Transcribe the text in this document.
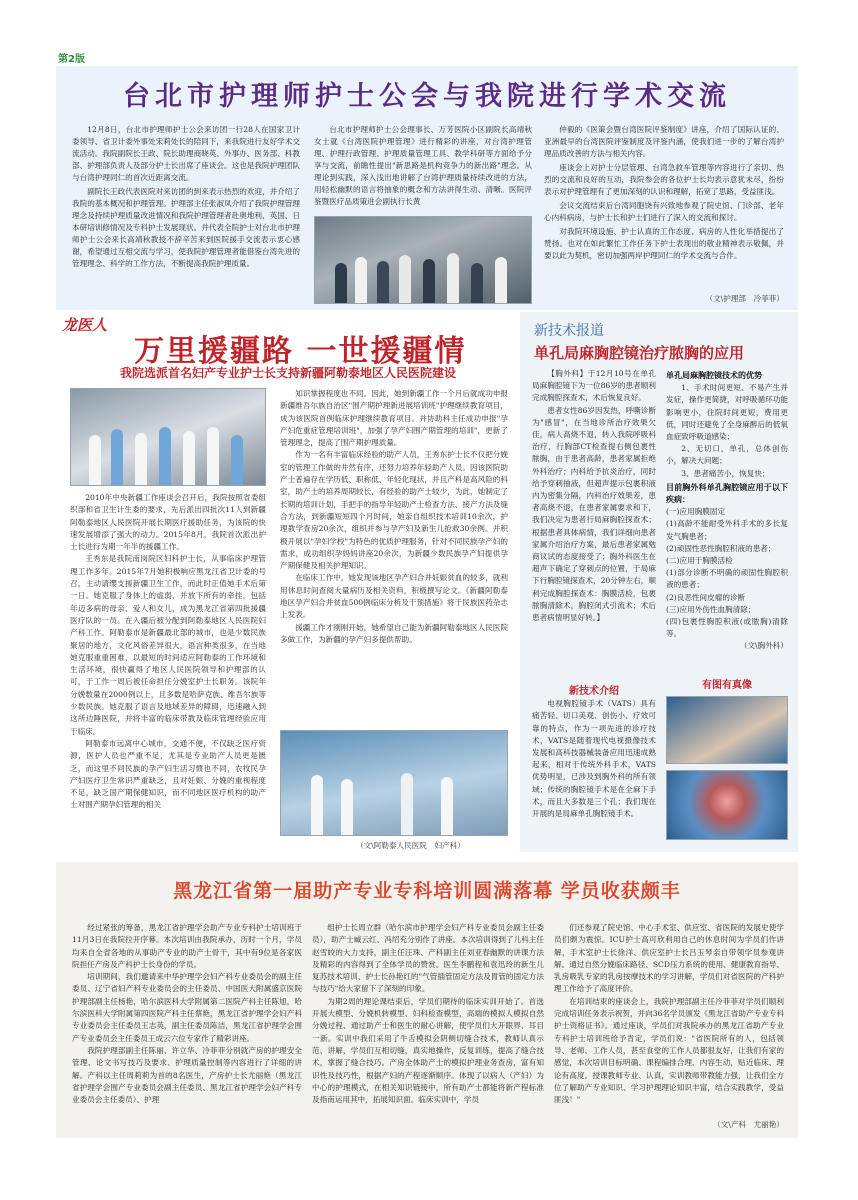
第2版
台北市护理师护士公会与我院进行学术交流

12月8日，台北市护理师护士公会来访团一行28人在国家卫计委领导、省卫计委外事处宋莉处长的陪同下，来我院进行友好学术交流活动。我院副院长王政、院长助理商晓英、外事办、医务部、科教部、护理部负责人及部分护士长出席了座谈会。这也是我院护理团队与台湾护理同仁的首次近距离交流。

副院长王政代表医院对来访团的到来表示热烈的欢迎，并介绍了我院的基本概况和护理管理。护理部主任张淑凤介绍了我院护理管理理念及持续护理质量改进情况和我院护理管理者赴奥地利、英国、日本研培训修情况及专科护士发展现状。并代表全院护士对台北市护理师护士公会来长高靖秋教授不辞辛苦来到医院援手交流表示衷心感谢，希望通过互相交流与学习，使我院护理管理者能借鉴台湾先进的管理理念、科学的工作方法，不断提高我院护理质量。

台北市护理师护士公会理事长、万芳医院小区副院长高靖秋女士就《台湾医院护理管理》进行精彩的讲座，对台湾护理管理、护理行政管理、护理质量管理工具、教学科研等方面给予分享与交流，前瞻性提出"新思路是机构竞争力的新出路"理念。从理论到实践，深入浅出地讲解了台湾护理质量持续改进的方法，用轻松幽默的语言将抽象的概念和方法讲得生动、清晰。医院评鉴暨医疗品质策进会副执行长黄

仲毅的《医策会暨台湾医院评鉴制度》讲座，介绍了国际认证的、亚洲最早的台湾医院评鉴制度及评鉴内涵，使我们进一步的了解台湾护理品质改善的方法与相关内容。

座谈会上对护士分层管理、台湾急救车管理等内容进行了亲切、热烈的交流和良好的互动，我院参会的各位护士长均表示意犹未尽，纷纷表示对护理管理有了更加深刻的认识和理解，拓宽了思路，受益匪浅。

会议交流结束后台湾同胞饶有兴致地参观了院史馆、门诊部、老年心内科病房，与护士长和护士们进行了深入的交流和探讨。

对我院环境设施、护士认真的工作态度、病房的人性化举措提出了赞扬。也对在如此繁忙工作任务下护士表现出的敬业精神表示敬佩，并要以此为契机，密切加强两岸护理同仁的学术交流与合作。

（文\护理部　冷菲菲）
龙医人
万里援疆路 一世援疆情
我院选派首名妇产专业护士长支持新疆阿勒泰地区人民医院建设

2010年中央新疆工作座谈会召开后，我院按照省委组织部和省卫生计生委的要求，先后派出四批次11人到新疆阿勒泰地区人民医院开展长期医疗援助任务，为该院的快速发展增添了强大的动力。2015年8月，我院首次派出护士长进行为期一年半的援疆工作。

王秀东是我院南岗院区妇科护士长，从事临床护理管理工作多年。2015年7月她积极响应黑龙江省卫计委的号召，主动请缨支援新疆卫生工作，而此时正值她手术后第一日。她克服了身体上的虚弱，并放下所有的牵挂，包括年迈多病的母亲、爱人和女儿，成为黑龙江省第四批援疆医疗队的一员。在入疆后被分配到阿勒泰地区人民医院妇产科工作。阿勒泰市是新疆最北部的城市，也是少数民族聚居的地方，文化风俗差异很大，语言种类很多，在当地她克服重重困难，以最短的时间适应阿勒泰的工作环境和生活环境，很快赢得了地区人民医院领导和护理部的认可，于工作一周后被任命担任分娩室护士长职务。该院年分娩数量在2000例以上，且多数是哈萨克族、维吾尔族等少数民族。她克服了语言及地域差异的障碍，迅速融入到这所边陲医院，并将丰富的临床带教及临床管理经验应用于临床。

阿勒泰市远离中心城市，交通不便，不仅缺乏医疗资源，医护人员也严重不足，尤其是专业助产人员更是匮乏，而这里不同民族的孕产妇生活习惯也不同，农牧民孕产妇医疗卫生常识严重缺乏，且对妊娠、分娩的重视程度不足，缺乏国产期保健知识，而不同地区医疗机构的助产士对围产期孕妇管理的相关

知识掌握程度也不同。因此，她到新疆工作一个月后就成功申报新疆维吾尔族自治区"围产期护理新进展培训班"护理继续教育项目，成为该医院首例临床护理继续教育项目。并协助科主任成功申报"孕产妇危重症管理培训班"，加强了孕产妇围产期管理的培训"，更新了管理理念，提高了围产期护理质量。

作为一名有丰富临床经验的助产人员，王秀东护士长不仅把分娩室的管理工作做的井然有序，还努力培养年轻助产人员。因该医院助产士普遍存在学历低、职称低、年轻化现状，并且产科是高风险的科室，助产士的培养周期较长，有经验的助产士较少，为此，她制定了长期的培训计划，手把手的指导年轻助产士检查方法、接产方法及缝合方法，到新疆短短四个月时间，她亲自组织技术培训10余次，护理教学查房20余次，组织并参与孕产妇及新生儿抢救30余例。并积极开展以"孕妇学校"为特色的优质护理服务，针对不同民族孕产妇的需求，成功组织孕妈妈讲座20余次，为新疆少数民族孕产妇提供孕产期保健及相关护理知识。

在临床工作中，她发现该地区孕产妇合并妊娠贫血的较多，就利用休息时间查阅大量病历及相关资料，积极撰写论文。《新疆阿勒泰地区孕产妇合并贫血500例临床分析及干预措施》将于民族医药杂志上发表。

援疆工作才刚刚开始，她希望自己能为新疆阿勒泰地区人民医院多做工作，为新疆的孕产妇多提供帮助。

（文\阿勒泰人民医院　妇产科）
新技术报道
单孔局麻胸腔镜治疗脓胸的应用

【胸外科】于12月10号在单孔局麻胸腔镜下为一位86岁的患者顺利完成胸腔探查术，术后恢复良好。

患者女性86岁因发热，呼嘶诊断为"感冒"，在当地诊所治疗效果欠佳，病人高烧不退，转入我院呼吸科治疗，行胸部CT检查提右侧包裹性脓胸，由于患者高龄，患者家属拒绝外科治疗；内科给予抗炎治疗，同时给予穿刺抽液，但超声提示包裹积液内为密集分隔，内科治疗效果差，患者高烧不退，在患者家属要求和下，我们决定为患者行局麻胸腔探查术；根据患者具体病情，我们详细向患者家属介绍治疗方案，最后患者家属勉商议试的态度接受了；胸外科医生在超声下确定了穿刺点的位置，于局麻下行胸腔镜探查术，20分钟左右，顺利完成胸腔探查术：胸膜活检，包裹脓胸清除术，胸腔闭式引流术；术后患者病情明显好转。】

单孔局麻胸腔镜技术的优势

1、手术时间更短、不易产生并发症，操作更简捷，对呼吸循环功能影响更小，住院时间更短，费用更低，同时还避免了全身麻醉后的低氧血症致呼吸道感染；

2、无切口，单孔，总体创伤小，解决大问题；

3、患者痛苦小，恢复快；

目前胸外科单孔胸腔镜应用于以下疾病：

(一)应用胸膜固定
(1)高龄不能耐受外科手术的多长复发气胸患者；
(2)顽固性恶性胸腔积液的患者；
(二)应用于胸膜活检
(1)部分诊断不明确的顽固性胸腔积液的患者；
(2)良恶性间皮瘤的诊断
(三)应用外伤性血胸清除；
(四)包裹性胸腔积液(或脓胸)清除等。

（文\胸外科）

有图有真像
新技术介绍

电视胸腔镜手术（VATS）具有痛苦轻、切口美观、创伤小、疗效可靠的特点，作为一项先进的诊疗技术，VATS是随着现代电视摄像技术发展和高科技器械装备应用迅速成熟起来，相对于传统外科手术，VATS优势明显，已涉及到胸外科的所有领域；传统的胸腔镜手术是在全麻下手术，而且大多数是三个孔；我们现在开展的是局麻单孔胸腔镜手术。

黑龙江省第一届助产专业专科培训圆满落幕 学员收获颇丰

经过紧张的筹备，黑龙江省护理学会助产专业专科护士培训班于11月3日在我院拉开序幕。本次培训由我院承办，历时一个月，学员均来自全省各地的从事助产专业的助产士骨干，其中有9位是各家医院担任产房及产科护士长身份的学员。

培训期间，我们邀请来中华护理学会妇产科专业委员会的副主任委员、辽宁省妇产科专业委员会的主任委员、中国医大附属盛京医院护理部副主任杨艳，哈尔滨医科大学附属第二医院产科主任陈旭，哈尔滨医科大学附属第四医院产科主任蔡艳，黑龙江省护理学会妇产科专业委员会主任委员王志英，副主任委员陈洁，黑龙江省护理学会围产专业委员会主任委员王成云六位专家作了精彩讲座。

我院护理部副主任陈丽、许立华、冷菲菲分别就产房的护理安全管理、论文书写技巧及要求、护理质量控制等内容进行了详细的讲解。产科以主任周莉莉为首的8名医生，产房护士长尤丽艳（黑龙江省护理学会围产专业委员会副主任委员、黑龙江省护理学会妇产科专业委员会主任委员）、护理

组护士长周立群（哈尔滨市护理学会妇产科专业委员会副主任委员），助产士臧云红、冯绍充分别作了讲座。本次培训得到了儿科主任赵雪皎的大力支持，副主任汪珠、产科副主任刘亚春幽默的讲课方法及精彩的内容得到了全体学员的赞赏。医生李鹏程和袁迅玲的新生儿复苏技术培训、护士长孙艳红的"气管插管固定方法及胃管的固定方法与技巧"给大家留下了深刻的印象。

为期2周的理论课结束后，学员们期待的临床实训开始了。首选开展大模型、分娩机转模型、妇科检查模型，高端的模拟人模拟自然分娩过程、通过助产士和医生的耐心讲解，使学员们大开眼界、耳目一新。实训中我们采用了牛舌模拟会阴侧切缝合技术，教师认真示范、讲解，学员们互相切缝，真实地操作，反复训练，提高了缝合技术，掌握了缝合技巧。产房全体助产士的模拟护理业务查房，富有知识性及技巧性，根据产妇的产程逐渐顺序。体现了以病人（产妇）为中心的护理模式，在相关知识链接中，所有助产士都能将新产程标准及指南运用其中，拓展知识面。临床实训中，学员

们还参观了院史馆、中心手术室、供应室、省医院的发展史使学员们颇为震惊。ICU护士高可欣利用自己的休息时间为学员们作讲解，手术室护士长徐洋、供应室护士长吕玉琴亲自带领学员参观讲解。通过自然分娩临床路径、SCD压力系统的使用、健康教育指导、乳房吸乳专家的乳房按摩技术的学习讲解，学员们对省医院的产科护理工作给予了高度评价。

在培训结束的座谈会上，我院护理部副主任冷菲菲对学员们顺利完成培训任务表示祝贺，并向36名学员颁发《黑龙江省助产专业专科护士资格证书》。通过座谈，学员们对我院承办的黑龙江省助产专业专科护士培训班给予肯定，学员们说："省医院所有的人，包括领导、老师、工作人员，甚至食堂的工作人员都很友好，让我们有家的感觉，本次培训目标明确、课程编排合理、内容生动，贴近临床、理论有高度。授课教师专业、认真，实训教师带教能力强，让我们全方位了解助产专业知识、学习护理理论知识丰富，结合实践教学，受益匪浅！"

（文\产科　尤丽艳）
